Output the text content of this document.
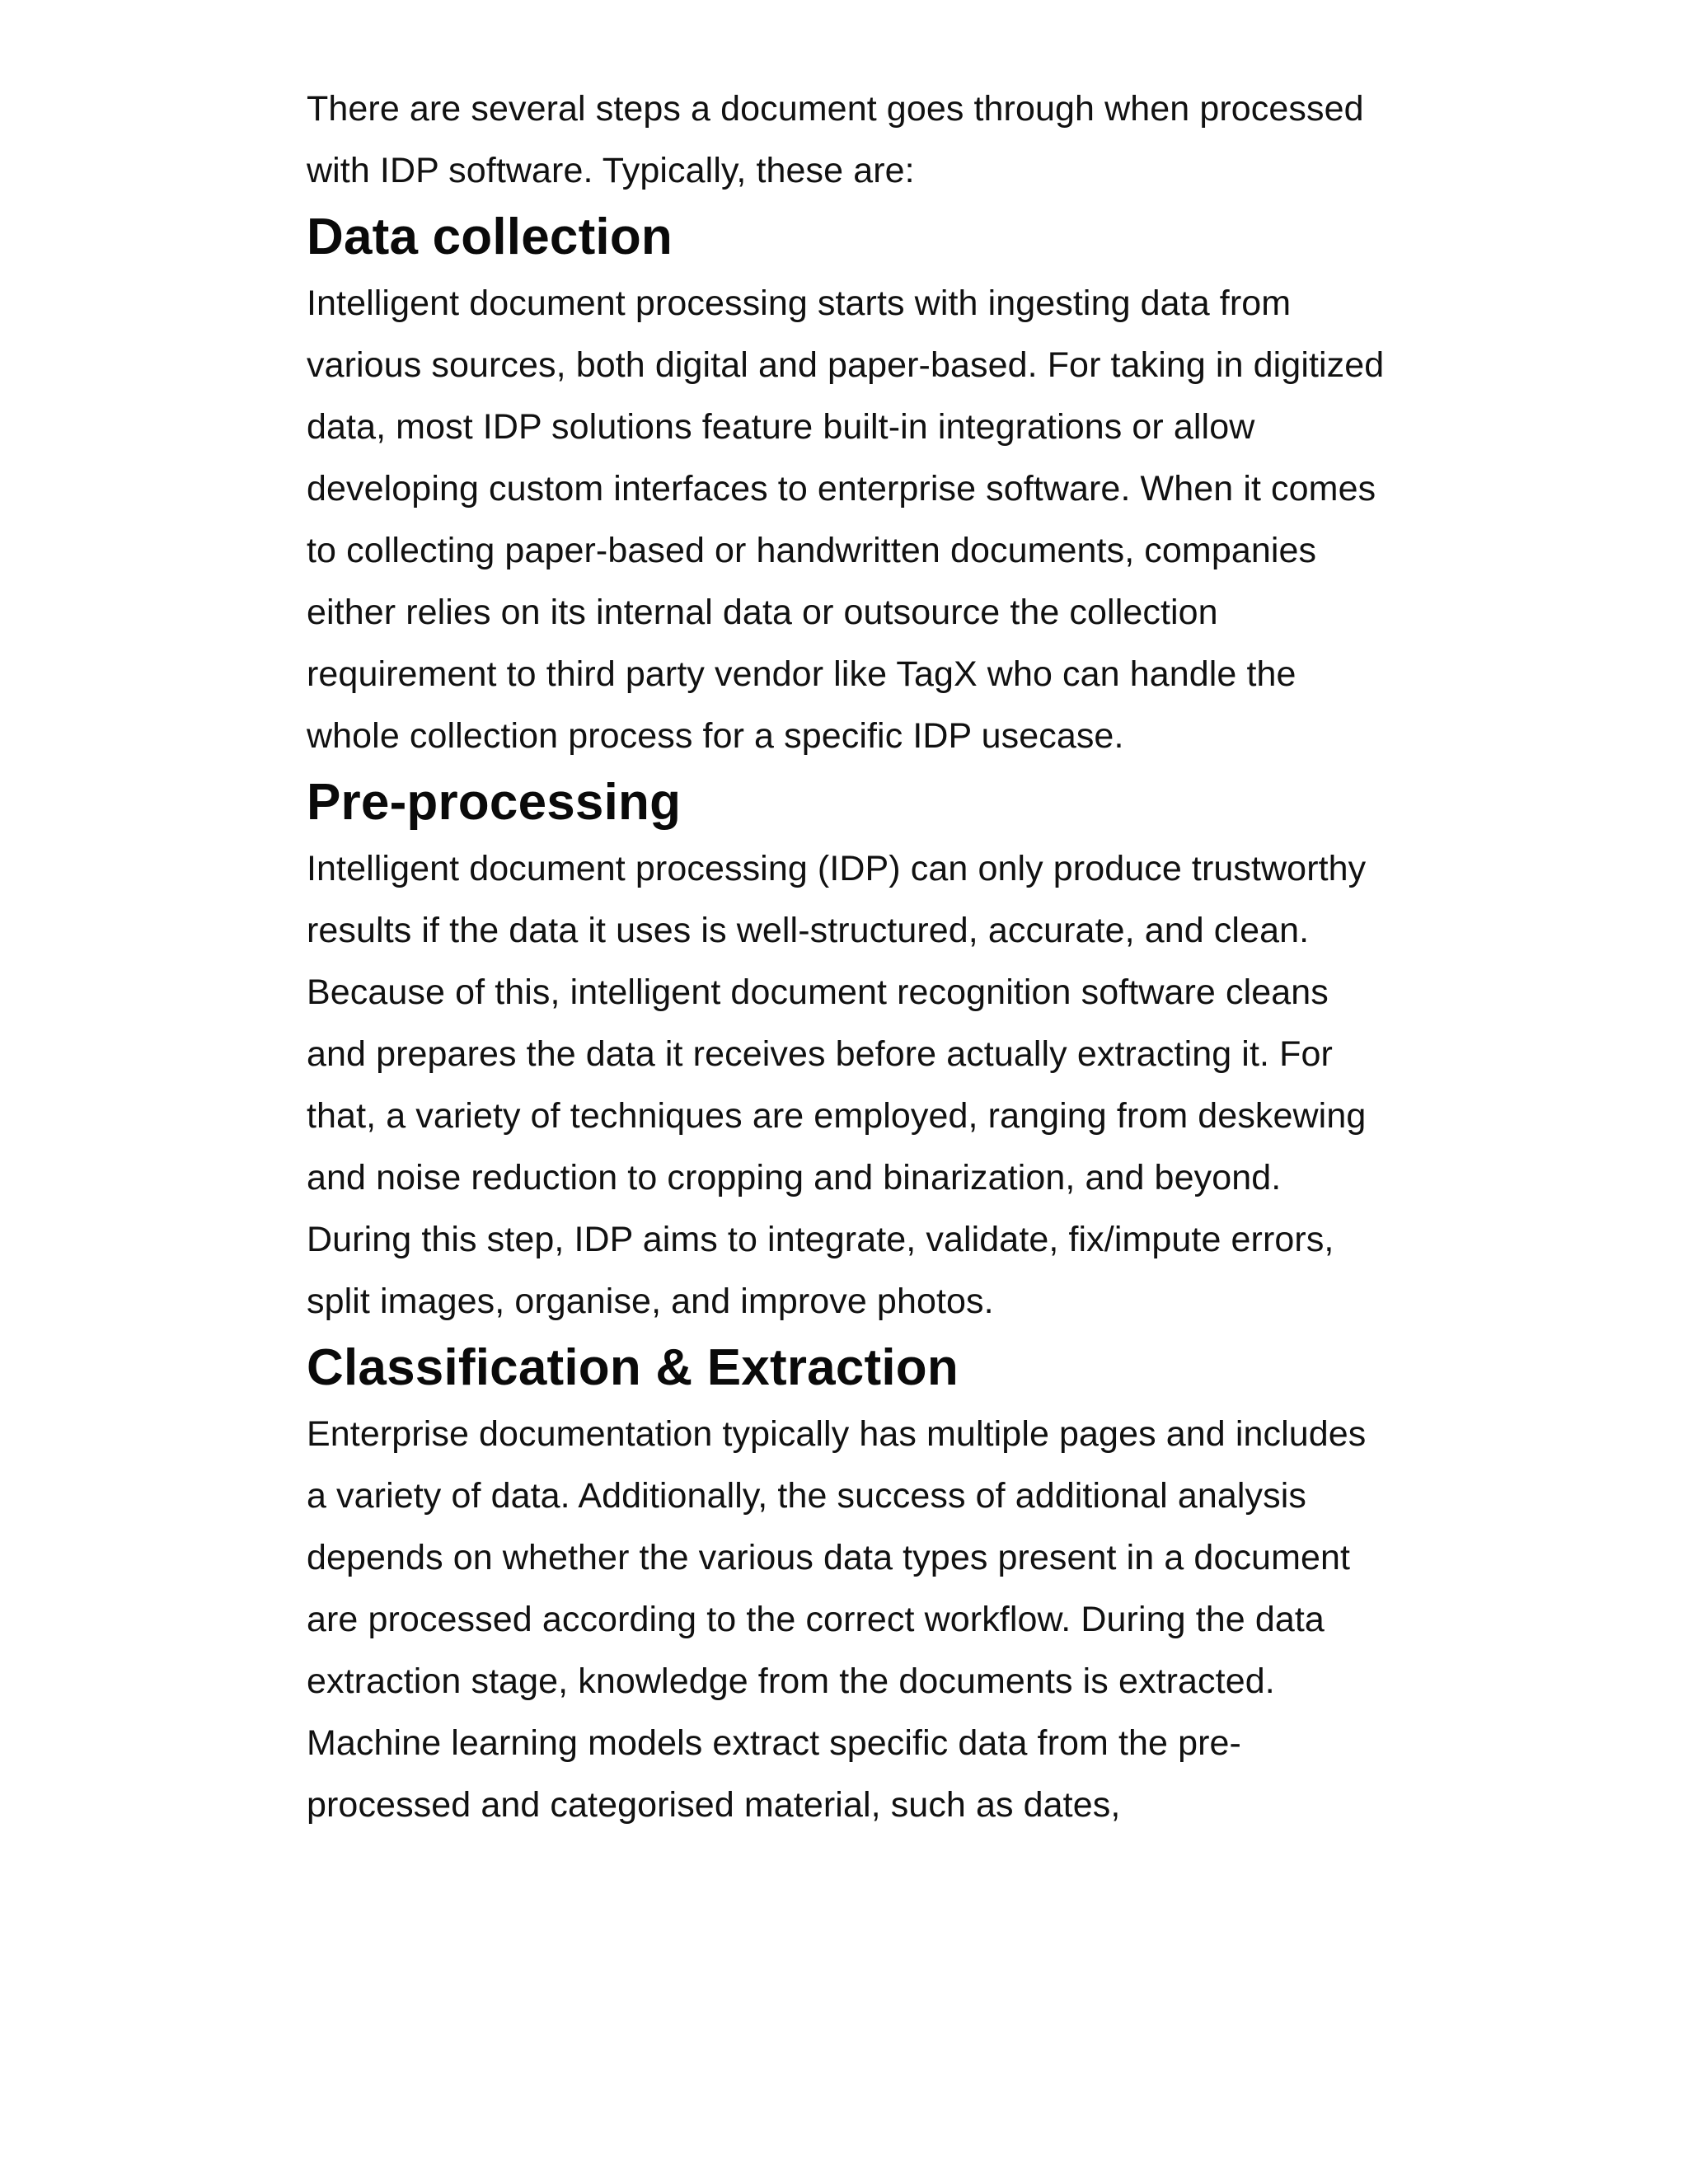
There are several steps a document goes through when processed with IDP software. Typically, these are:

Data collection

Intelligent document processing starts with ingesting data from various sources, both digital and paper-based. For taking in digitized data, most IDP solutions feature built-in integrations or allow developing custom interfaces to enterprise software. When it comes to collecting paper-based or handwritten documents, companies either relies on its internal data or outsource the collection requirement to third party vendor like TagX who can handle the whole collection process for a specific IDP usecase.

Pre-processing

Intelligent document processing (IDP) can only produce trustworthy results if the data it uses is well-structured, accurate, and clean. Because of this, intelligent document recognition software cleans and prepares the data it receives before actually extracting it. For that, a variety of techniques are employed, ranging from deskewing and noise reduction to cropping and binarization, and beyond. During this step, IDP aims to integrate, validate, fix/impute errors, split images, organise, and improve photos.

Classification & Extraction

Enterprise documentation typically has multiple pages and includes a variety of data. Additionally, the success of additional analysis depends on whether the various data types present in a document are processed according to the correct workflow. During the data extraction stage, knowledge from the documents is extracted. Machine learning models extract specific data from the pre-processed and categorised material, such as dates,
